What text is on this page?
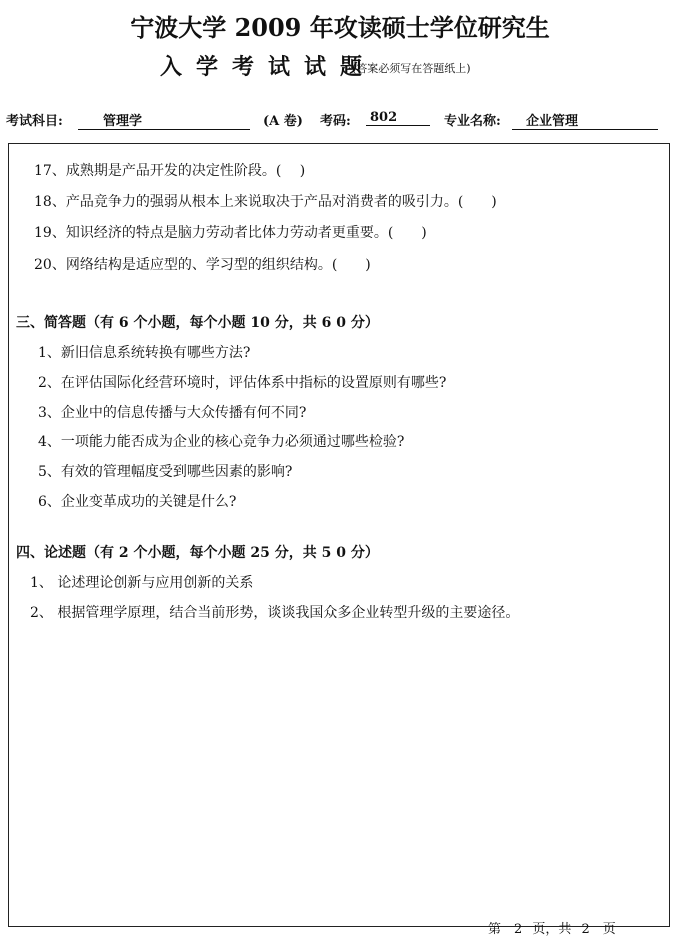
宁波大学 2009 年攻读硕士学位研究生
入学考试试题
(答案必须写在答题纸上)
考试科目:	管理学	(A 卷) 考码:	802	专业名称:	企业管理
17、成熟期是产品开发的决定性阶段。(　 )
18、产品竞争力的强弱从根本上来说取决于产品对消费者的吸引力。(　　)
19、知识经济的特点是脑力劳动者比体力劳动者更重要。(　　)
20、网络结构是适应型的、学习型的组织结构。(　　)
三、简答题（有 6 个小题，每个小题 10 分，共 6 0 分）
1、新旧信息系统转换有哪些方法?
2、在评估国际化经营环境时，评估体系中指标的设置原则有哪些?
3、企业中的信息传播与大众传播有何不同?
4、一项能力能否成为企业的核心竞争力必须通过哪些检验?
5、有效的管理幅度受到哪些因素的影响?
6、企业变革成功的关键是什么?
四、论述题（有 2 个小题，每个小题 25 分，共 5 0 分）
1、 论述理论创新与应用创新的关系
2、 根据管理学原理，结合当前形势，谈谈我国众多企业转型升级的主要途径。
第　2 页，共 2　页
